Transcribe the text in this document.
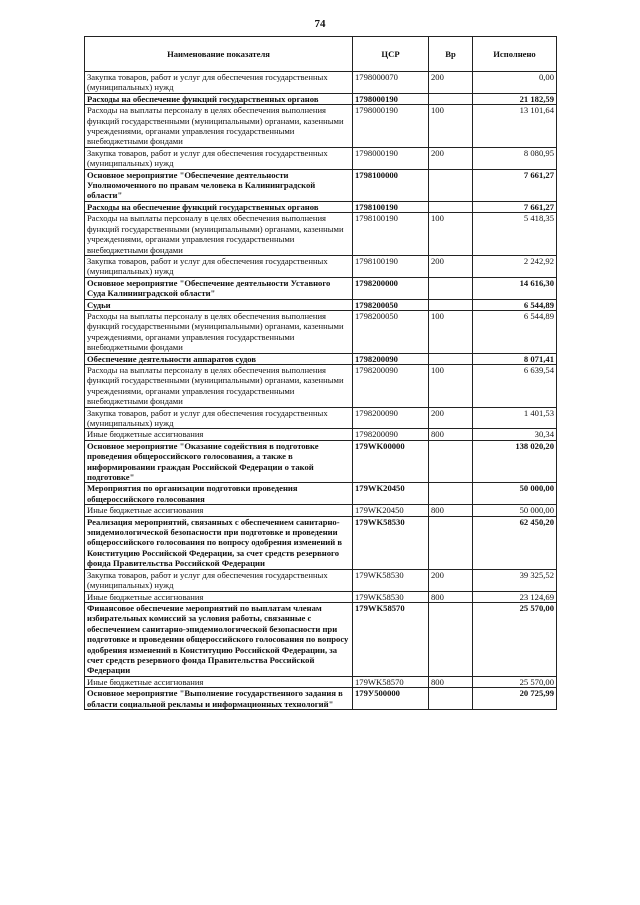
74
Наименование показателя	ЦСР	Вр	Исполнено
Закупка товаров, работ и услуг для обеспечения государственных (муниципальных) нужд	1798000070	200	0,00
Расходы на обеспечение функций государственных органов	1798000190		21 182,59
Расходы на выплаты персоналу в целях обеспечения выполнения функций государственными (муниципальными) органами, казенными учреждениями, органами управления государственными внебюджетными фондами	1798000190	100	13 101,64
Закупка товаров, работ и услуг для обеспечения государственных (муниципальных) нужд	1798000190	200	8 080,95
Основное мероприятие "Обеспечение деятельности Уполномоченного по правам человека в Калининградской области"	1798100000		7 661,27
Расходы на обеспечение функций государственных органов	1798100190		7 661,27
Расходы на выплаты персоналу в целях обеспечения выполнения функций государственными (муниципальными) органами, казенными учреждениями, органами управления государственными внебюджетными фондами	1798100190	100	5 418,35
Закупка товаров, работ и услуг для обеспечения государственных (муниципальных) нужд	1798100190	200	2 242,92
Основное мероприятие "Обеспечение деятельности Уставного Суда Калининградской области"	1798200000		14 616,30
Судьи	1798200050		6 544,89
Расходы на выплаты персоналу в целях обеспечения выполнения функций государственными (муниципальными) органами, казенными учреждениями, органами управления государственными внебюджетными фондами	1798200050	100	6 544,89
Обеспечение деятельности аппаратов судов	1798200090		8 071,41
Расходы на выплаты персоналу в целях обеспечения выполнения функций государственными (муниципальными) органами, казенными учреждениями, органами управления государственными внебюджетными фондами	1798200090	100	6 639,54
Закупка товаров, работ и услуг для обеспечения государственных (муниципальных) нужд	1798200090	200	1 401,53
Иные бюджетные ассигнования	1798200090	800	30,34
Основное мероприятие "Оказание содействия в подготовке проведения общероссийского голосования, а также в информировании граждан Российской Федерации о такой подготовке"	179WK00000		138 020,20
Мероприятия по организации подготовки проведения общероссийского голосования	179WK20450		50 000,00
Иные бюджетные ассигнования	179WK20450	800	50 000,00
Реализация мероприятий, связанных с обеспечением санитарно-эпидемиологической безопасности при подготовке и проведении общероссийского голосования по вопросу одобрения изменений в Конституцию Российской Федерации, за счет средств резервного фонда Правительства Российской Федерации	179WK58530		62 450,20
Закупка товаров, работ и услуг для обеспечения государственных (муниципальных) нужд	179WK58530	200	39 325,52
Иные бюджетные ассигнования	179WK58530	800	23 124,69
Финансовое обеспечение мероприятий по выплатам членам избирательных комиссий за условия работы, связанные с обеспечением санитарно-эпидемиологической безопасности при подготовке и проведении общероссийского голосования по вопросу одобрения изменений в Конституцию Российской Федерации, за счет средств резервного фонда Правительства Российской Федерации	179WK58570		25 570,00
Иные бюджетные ассигнования	179WK58570	800	25 570,00
Основное мероприятие "Выполнение государственного задания в области социальной рекламы и информационных технологий"	179У500000		20 725,99
